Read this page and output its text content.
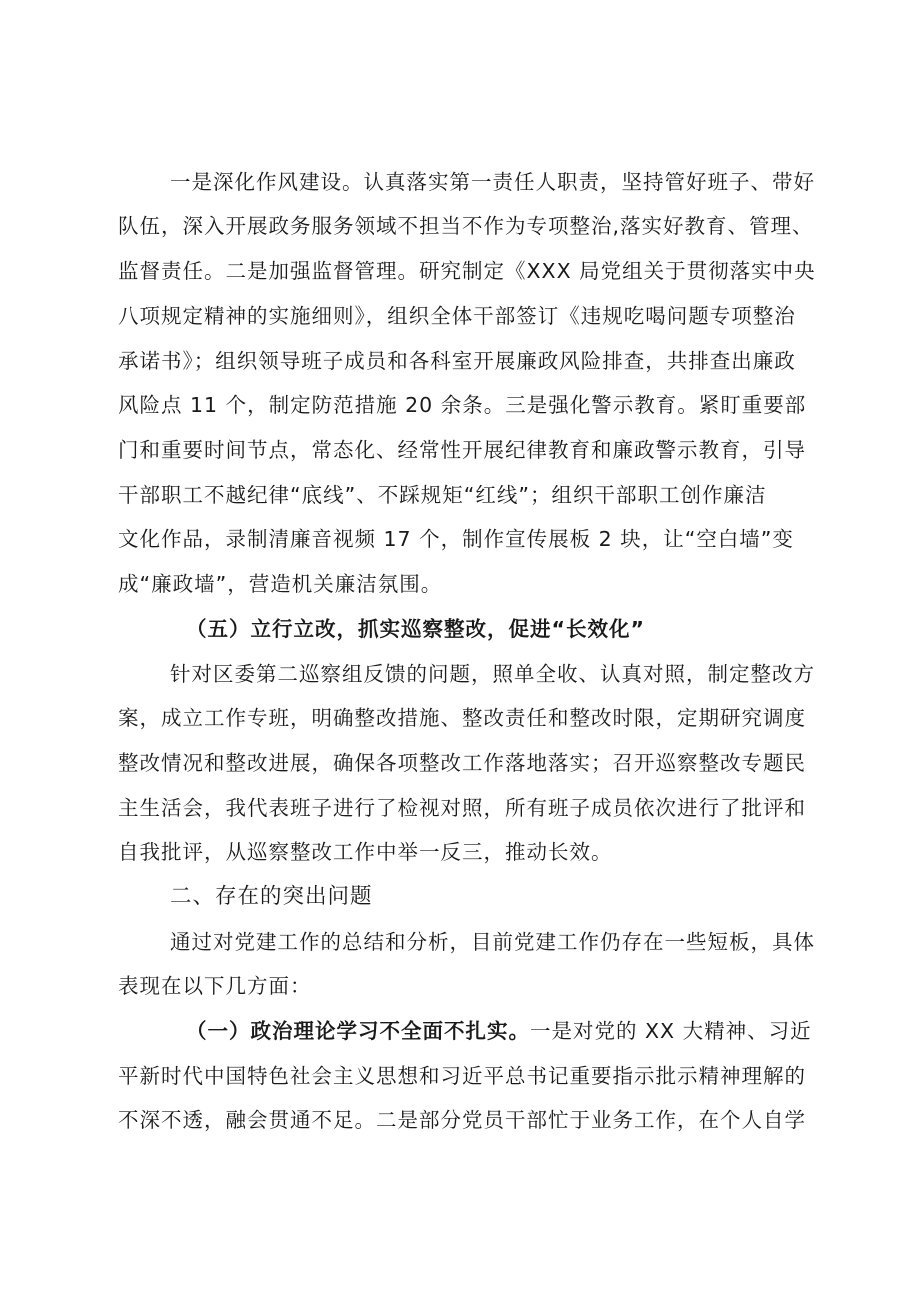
一是深化作风建设。认真落实第一责任人职责，坚持管好班子、带好
队伍，深入开展政务服务领域不担当不作为专项整治,落实好教育、管理、
监督责任。二是加强监督管理。研究制定《XXX 局党组关于贯彻落实中央
八项规定精神的实施细则》，组织全体干部签订《违规吃喝问题专项整治
承诺书》；组织领导班子成员和各科室开展廉政风险排查，共排查出廉政
风险点 11 个，制定防范措施 20 余条。三是强化警示教育。紧盯重要部
门和重要时间节点，常态化、经常性开展纪律教育和廉政警示教育，引导
干部职工不越纪律“底线”、不踩规矩“红线”；组织干部职工创作廉洁
文化作品，录制清廉音视频 17 个，制作宣传展板 2 块，让“空白墙”变
成“廉政墙”，营造机关廉洁氛围。
（五）立行立改，抓实巡察整改，促进“长效化”
针对区委第二巡察组反馈的问题，照单全收、认真对照，制定整改方
案，成立工作专班，明确整改措施、整改责任和整改时限，定期研究调度
整改情况和整改进展，确保各项整改工作落地落实；召开巡察整改专题民
主生活会，我代表班子进行了检视对照，所有班子成员依次进行了批评和
自我批评，从巡察整改工作中举一反三，推动长效。
二、存在的突出问题
通过对党建工作的总结和分析，目前党建工作仍存在一些短板，具体
表现在以下几方面：
（一）政治理论学习不全面不扎实。一是对党的 XX 大精神、习近
平新时代中国特色社会主义思想和习近平总书记重要指示批示精神理解的
不深不透，融会贯通不足。二是部分党员干部忙于业务工作，在个人自学
